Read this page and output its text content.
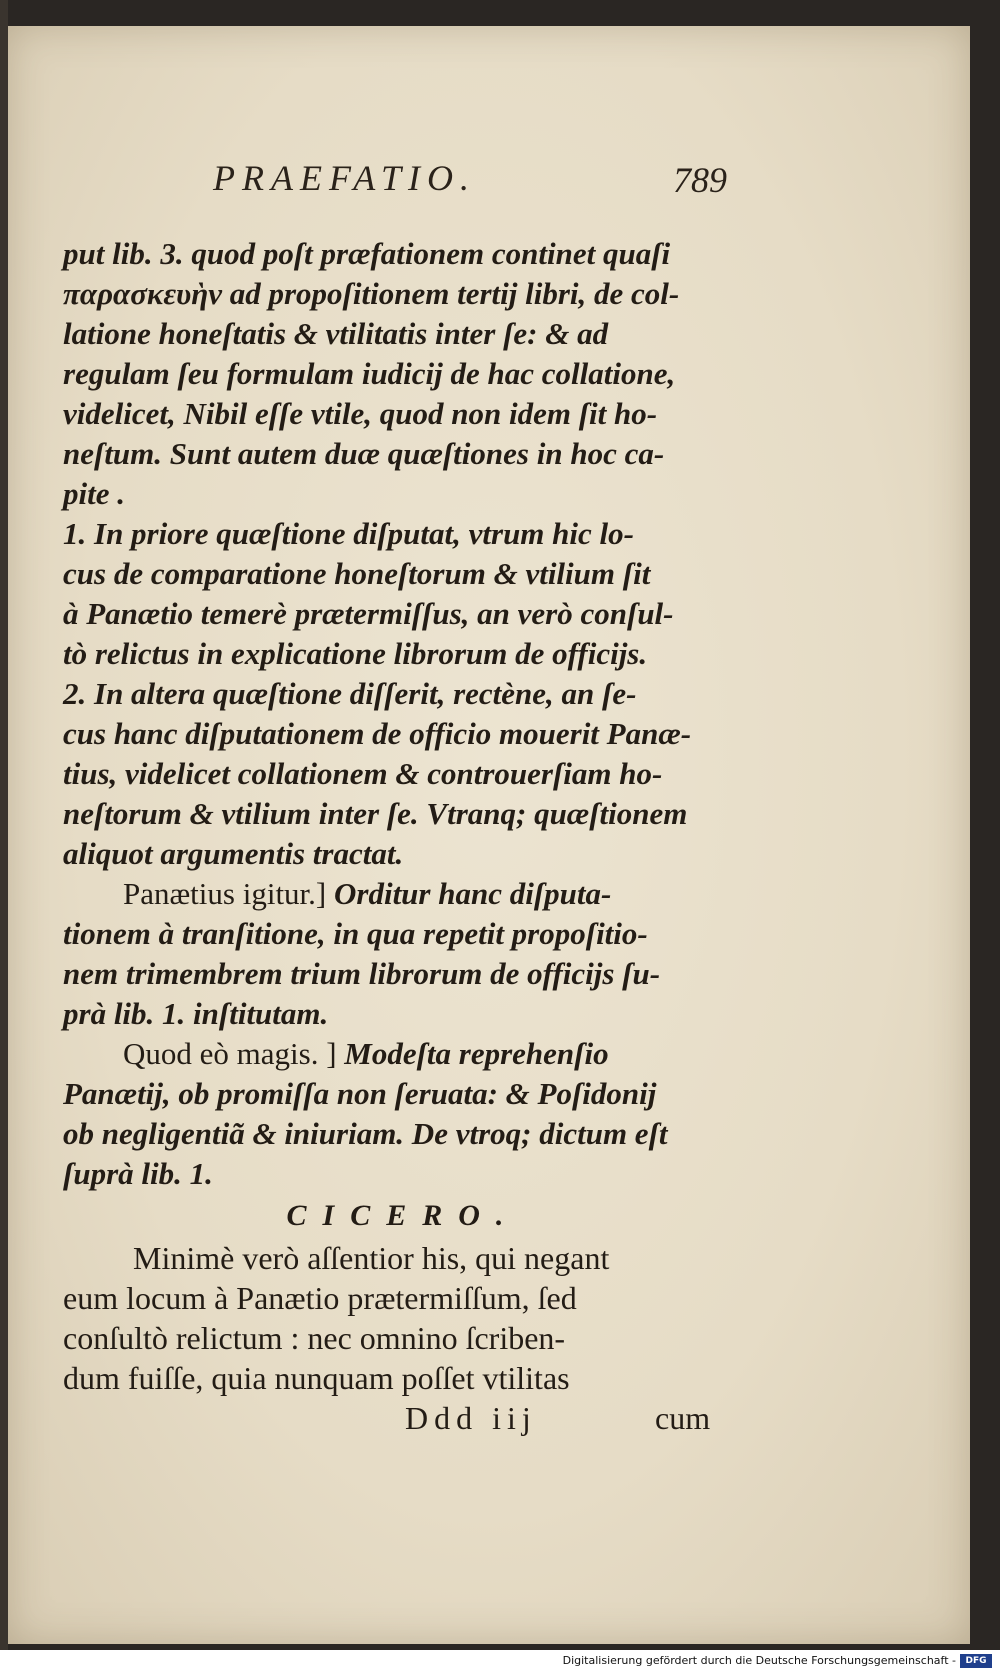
PRAEFATIO.	789
put lib. 3. quod poſt præfationem continet quaſi
παρασκευὴν ad propoſitionem tertij libri, de col-
latione honeſtatis & vtilitatis inter ſe: & ad
regulam ſeu formulam iudicij de hac collatione,
videlicet, Nibil eſſe vtile, quod non idem ſit ho-
neſtum. Sunt autem duæ quæſtiones in hoc ca-
pite .
1. In priore quæſtione diſputat, vtrum hic lo-
cus de comparatione honeſtorum & vtilium ſit
à Panætio temerè prætermiſſus, an verò conſul-
tò relictus in explicatione librorum de officijs.
2. In altera quæſtione diſſerit, rectène, an ſe-
cus hanc diſputationem de officio mouerit Panæ-
tius, videlicet collationem & controuerſiam ho-
neſtorum & vtilium inter ſe. Vtranq; quæſtionem
aliquot argumentis tractat.
Panætius igitur.] Orditur hanc diſputa-
tionem à tranſitione, in qua repetit propoſitio-
nem trimembrem trium librorum de officijs ſu-
prà lib. 1. inſtitutam.
Quod eò magis. ] Modeſta reprehenſio
Panætij, ob promiſſa non ſeruata: & Poſidonij
ob negligentiã & iniuriam. De vtroq; dictum eſt
ſuprà lib. 1.
CICERO.
Minimè verò aſſentior his, qui negant
eum locum à Panætio prætermiſſum, ſed
conſultò relictum : nec omnino ſcriben-
dum fuiſſe, quia nunquam poſſet vtilitas
Ddd iij	cum
Digitalisierung gefördert durch die Deutsche Forschungsgemeinschaft -	DFG
